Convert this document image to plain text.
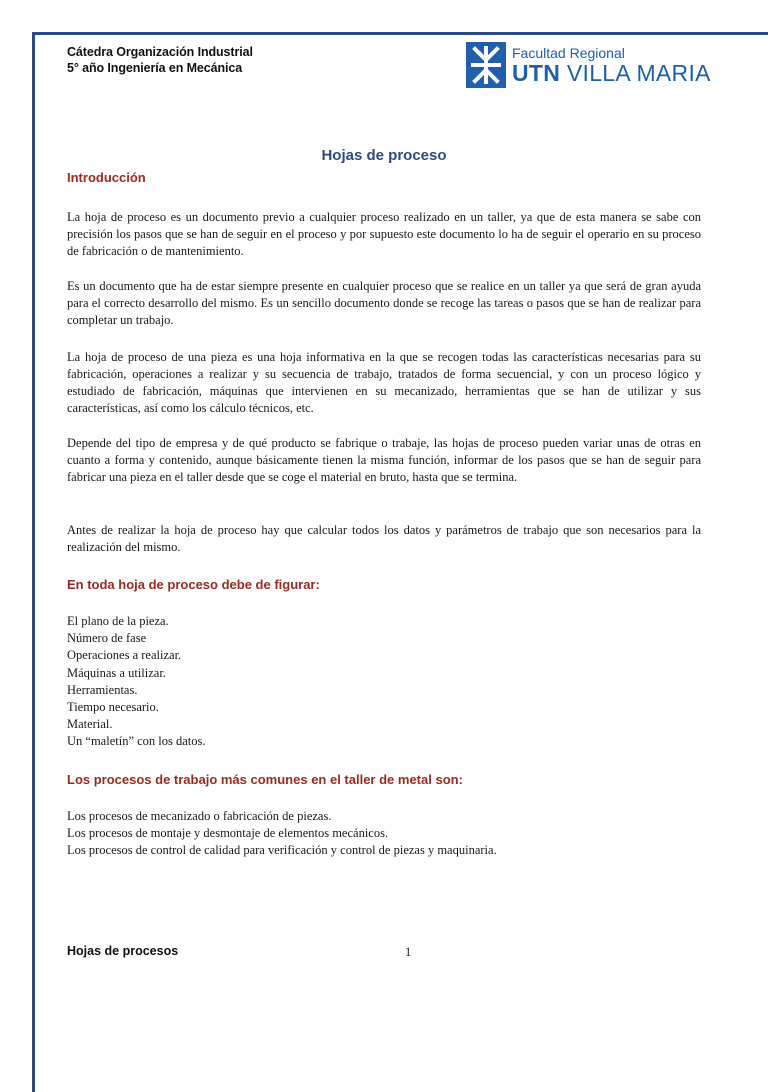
Cátedra Organización Industrial
5° año Ingeniería en Mecánica
Facultad Regional
UTN VILLA MARIA
Hojas de proceso
Introducción

La hoja de proceso es un documento previo a cualquier proceso realizado en un taller, ya que de esta manera se sabe con precisión los pasos que se han de seguir en el proceso y por supuesto este documento lo ha de seguir el operario en su proceso de fabricación o de mantenimiento.

Es un documento que ha de estar siempre presente en cualquier proceso que se realice en un taller ya que será de gran ayuda para el correcto desarrollo del mismo. Es un sencillo documento donde se recoge las tareas o pasos que se han de realizar para completar un trabajo.

La hoja de proceso de una pieza es una hoja informativa en la que se recogen todas las características necesarias para su fabricación, operaciones a realizar y su secuencia de trabajo, tratados de forma secuencial, y con un proceso lógico y estudiado de fabricación, máquinas que intervienen en su mecanizado, herramientas que se han de utilizar y sus características, así como los cálculo técnicos, etc.

Depende del tipo de empresa y de qué producto se fabrique o trabaje, las hojas de proceso pueden variar unas de otras en cuanto a forma y contenido, aunque básicamente tienen la misma función, informar de los pasos que se han de seguir para fabricar una pieza en el taller desde que se coge el material en bruto, hasta que se termina.

Antes de realizar la hoja de proceso hay que calcular todos los datos y parámetros de trabajo que son necesarios para la realización del mismo.

En toda hoja de proceso debe de figurar:
El plano de la pieza.
Número de fase
Operaciones a realizar.
Máquinas a utilizar.
Herramientas.
Tiempo necesario.
Material.
Un “maletín” con los datos.
Los procesos de trabajo más comunes en el taller de metal son:
Los procesos de mecanizado o fabricación de piezas.
Los procesos de montaje y desmontaje de elementos mecánicos.
Los procesos de control de calidad para verificación y control de piezas y maquinaria.
Hojas de procesos	1
